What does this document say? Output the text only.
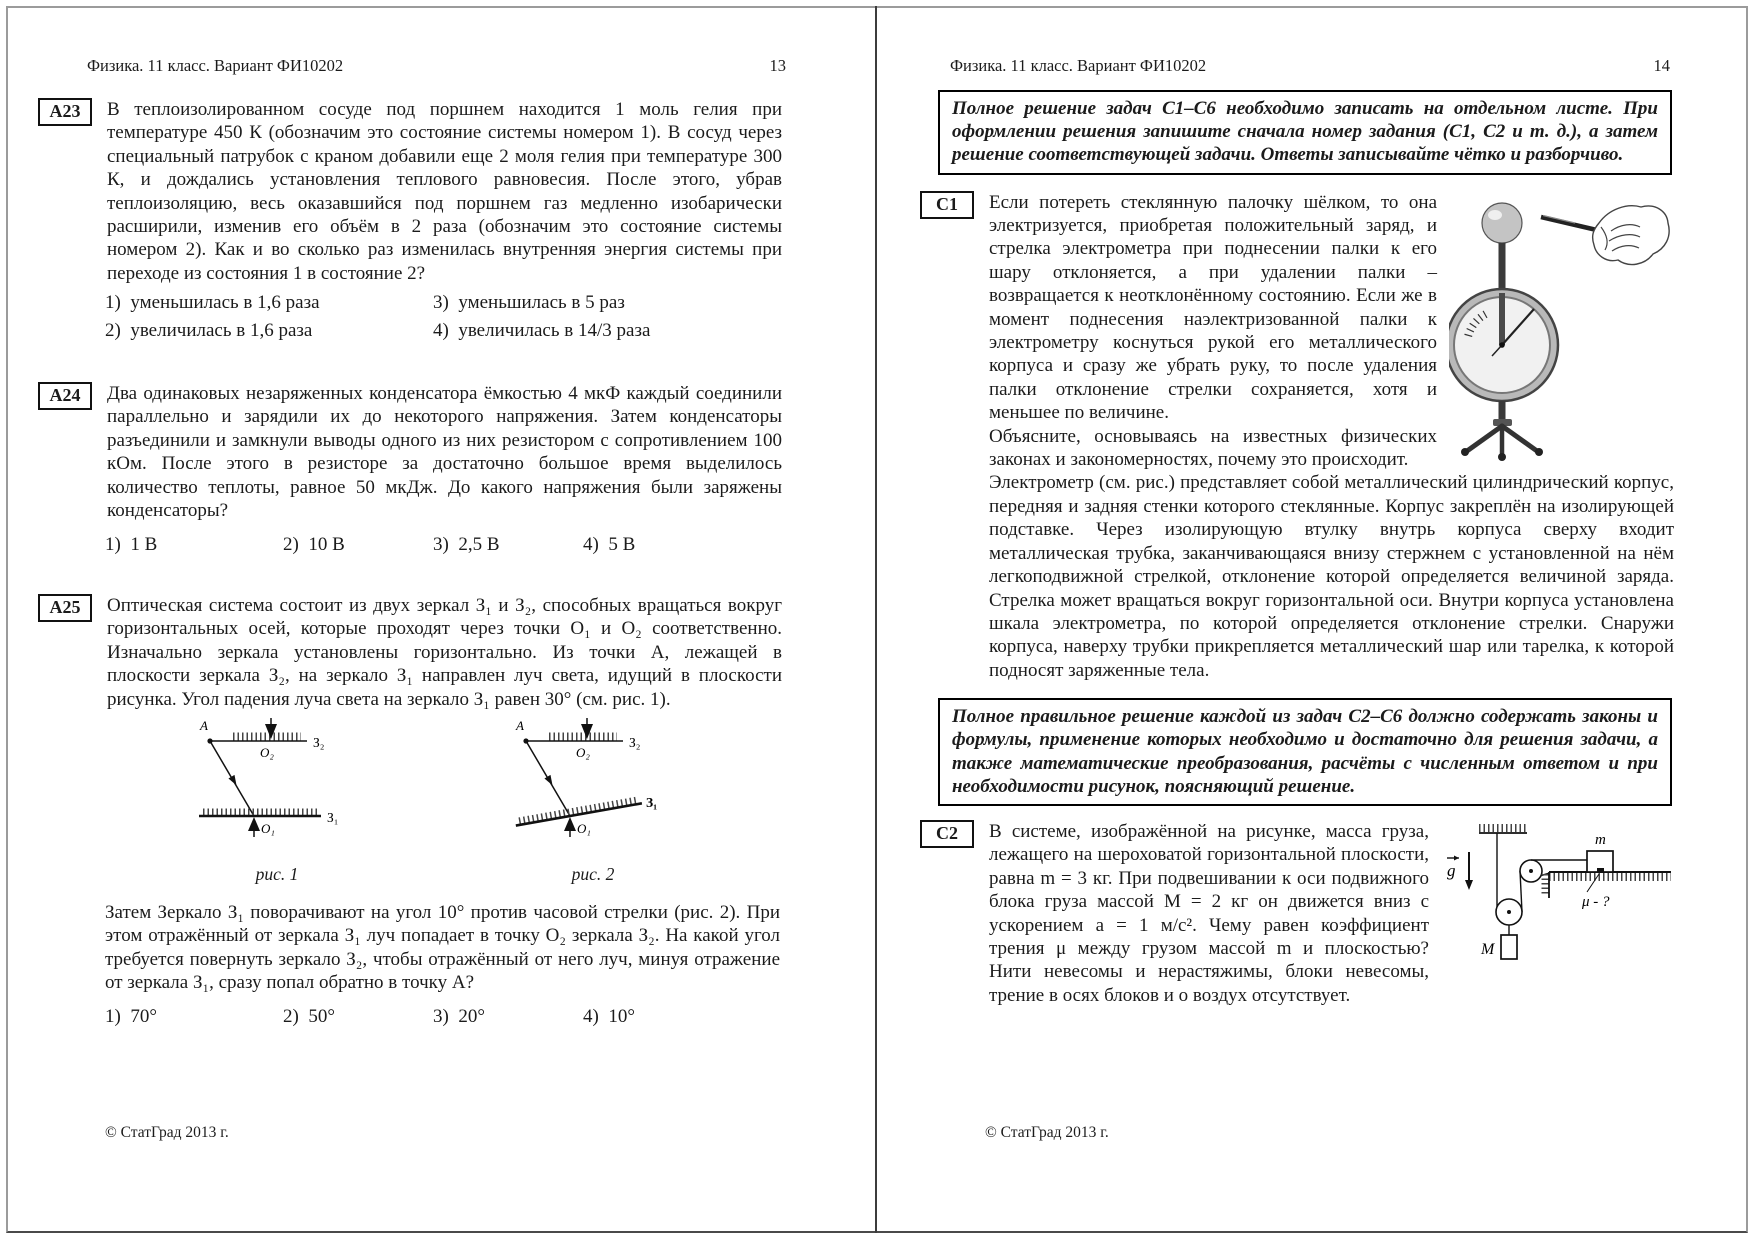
Физика. 11 класс. Вариант ФИ10202	13
А23	В теплоизолированном сосуде под поршнем находится 1 моль гелия при температуре 450 К (обозначим это состояние системы номером 1). В сосуд через специальный патрубок с краном добавили еще 2 моля гелия при температуре 300 К, и дождались установления теплового равновесия. После этого, убрав теплоизоляцию, весь оказавшийся под поршнем газ медленно изобарически расширили, изменив его объём в 2 раза (обозначим это состояние системы номером 2). Как и во сколько раз изменилась внутренняя энергия системы при переходе из состояния 1 в состояние 2?
1)  уменьшилась в 1,6 раза	3)  уменьшилась в 5 раз
2)  увеличилась в 1,6 раза	4)  увеличилась в 14/3 раза
А24	Два одинаковых незаряженных конденсатора ёмкостью 4 мкФ каждый соединили параллельно и зарядили их до некоторого напряжения. Затем конденсаторы разъединили и замкнули выводы одного из них резистором с сопротивлением 100 кОм. После этого в резисторе за достаточно большое время выделилось количество теплоты, равное 50 мкДж. До какого напряжения были заряжены конденсаторы?
1)  1 В	2)  10 В	3)  2,5 В	4)  5 В
А25	Оптическая система состоит из двух зеркал З₁ и З₂, способных вращаться вокруг горизонтальных осей, которые проходят через точки O₁ и O₂ соответственно. Изначально зеркала установлены горизонтально. Из точки A, лежащей в плоскости зеркала З₂, на зеркало З₁ направлен луч света, идущий в плоскости рисунка. Угол падения луча света на зеркало З₁ равен 30° (см. рис. 1).
A
O₂
З₂
O₁
З₁
рис. 1
A
O₂
З₂
O₁
З₁
рис. 2
Затем Зеркало З₁ поворачивают на угол 10° против часовой стрелки (рис. 2). При этом отражённый от зеркала З₁ луч попадает в точку O₂ зеркала З₂. На какой угол требуется повернуть зеркало З₂, чтобы отражённый от него луч, минуя отражение от зеркала З₁, сразу попал обратно в точку A?
1)  70°	2)  50°	3)  20°	4)  10°
© СтатГрад 2013 г.
Физика. 11 класс. Вариант ФИ10202	14
Полное решение задач С1–С6 необходимо записать на отдельном листе. При оформлении решения запишите сначала номер задания (С1, С2 и т. д.), а затем решение соответствующей задачи. Ответы записывайте чётко и разборчиво.
С1	Если потереть стеклянную палочку шёлком, то она электризуется, приобретая положительный заряд, и стрелка электрометра при поднесении палки к его шару отклоняется, а при удалении палки – возвращается к неотклонённому состоянию. Если же в момент поднесения наэлектризованной палки к электрометру коснуться рукой его металлического корпуса и сразу же убрать руку, то после удаления палки отклонение стрелки сохраняется, хотя и меньшее по величине.

Объясните, основываясь на известных физических законах и закономерностях, почему это происходит.

Электрометр (см. рис.) представляет собой металлический цилиндрический корпус, передняя и задняя стенки которого стеклянные. Корпус закреплён на изолирующей подставке. Через изолирующую втулку внутрь корпуса сверху входит металлическая трубка, заканчивающаяся внизу стержнем с установленной на нём легкоподвижной стрелкой, отклонение которой определяется величиной заряда. Стрелка может вращаться вокруг горизонтальной оси. Внутри корпуса установлена шкала электрометра, по которой определяется отклонение стрелки. Снаружи корпуса, наверху трубки прикрепляется металлический шар или тарелка, к которой подносят заряженные тела.

Полное правильное решение каждой из задач С2–С6 должно содержать законы и формулы, применение которых необходимо и достаточно для решения задачи, а также математические преобразования, расчёты с численным ответом и при необходимости рисунок, поясняющий решение.
С2
g
m
μ - ?
M

В системе, изображённой на рисунке, масса груза, лежащего на шероховатой горизонтальной плоскости, равна m = 3 кг. При подвешивании к оси подвижного блока груза массой M = 2 кг он движется вниз с ускорением a = 1 м/с². Чему равен коэффициент трения μ между грузом массой m и плоскостью? Нити невесомы и нерастяжимы, блоки невесомы, трение в осях блоков и о воздух отсутствует.

© СтатГрад 2013 г.
